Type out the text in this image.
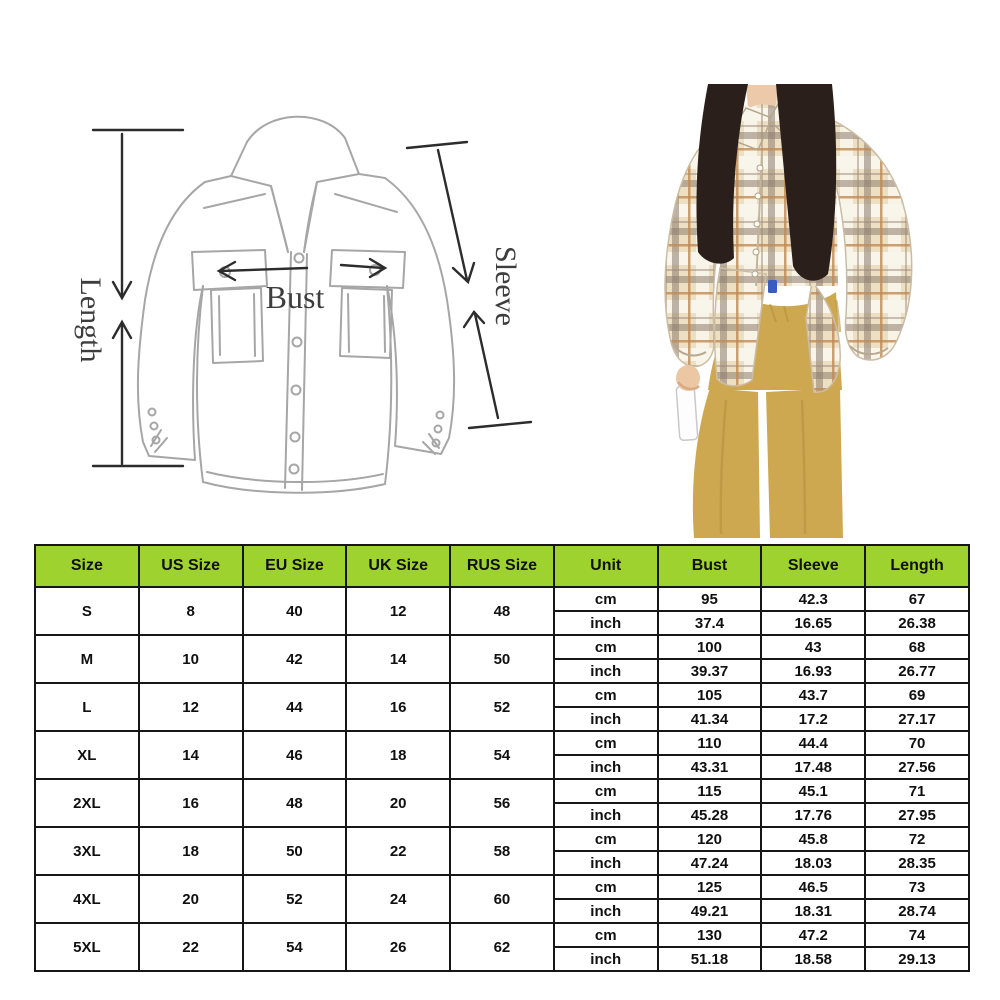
Length	Bust	Sleeve
Size	US Size	EU Size	UK Size	RUS Size	Unit	Bust	Sleeve	Length
S	8	40	12	48	cm	95	42.3	67
					inch	37.4	16.65	26.38
M	10	42	14	50	cm	100	43	68
					inch	39.37	16.93	26.77
L	12	44	16	52	cm	105	43.7	69
					inch	41.34	17.2	27.17
XL	14	46	18	54	cm	110	44.4	70
					inch	43.31	17.48	27.56
2XL	16	48	20	56	cm	115	45.1	71
					inch	45.28	17.76	27.95
3XL	18	50	22	58	cm	120	45.8	72
					inch	47.24	18.03	28.35
4XL	20	52	24	60	cm	125	46.5	73
					inch	49.21	18.31	28.74
5XL	22	54	26	62	cm	130	47.2	74
					inch	51.18	18.58	29.13
